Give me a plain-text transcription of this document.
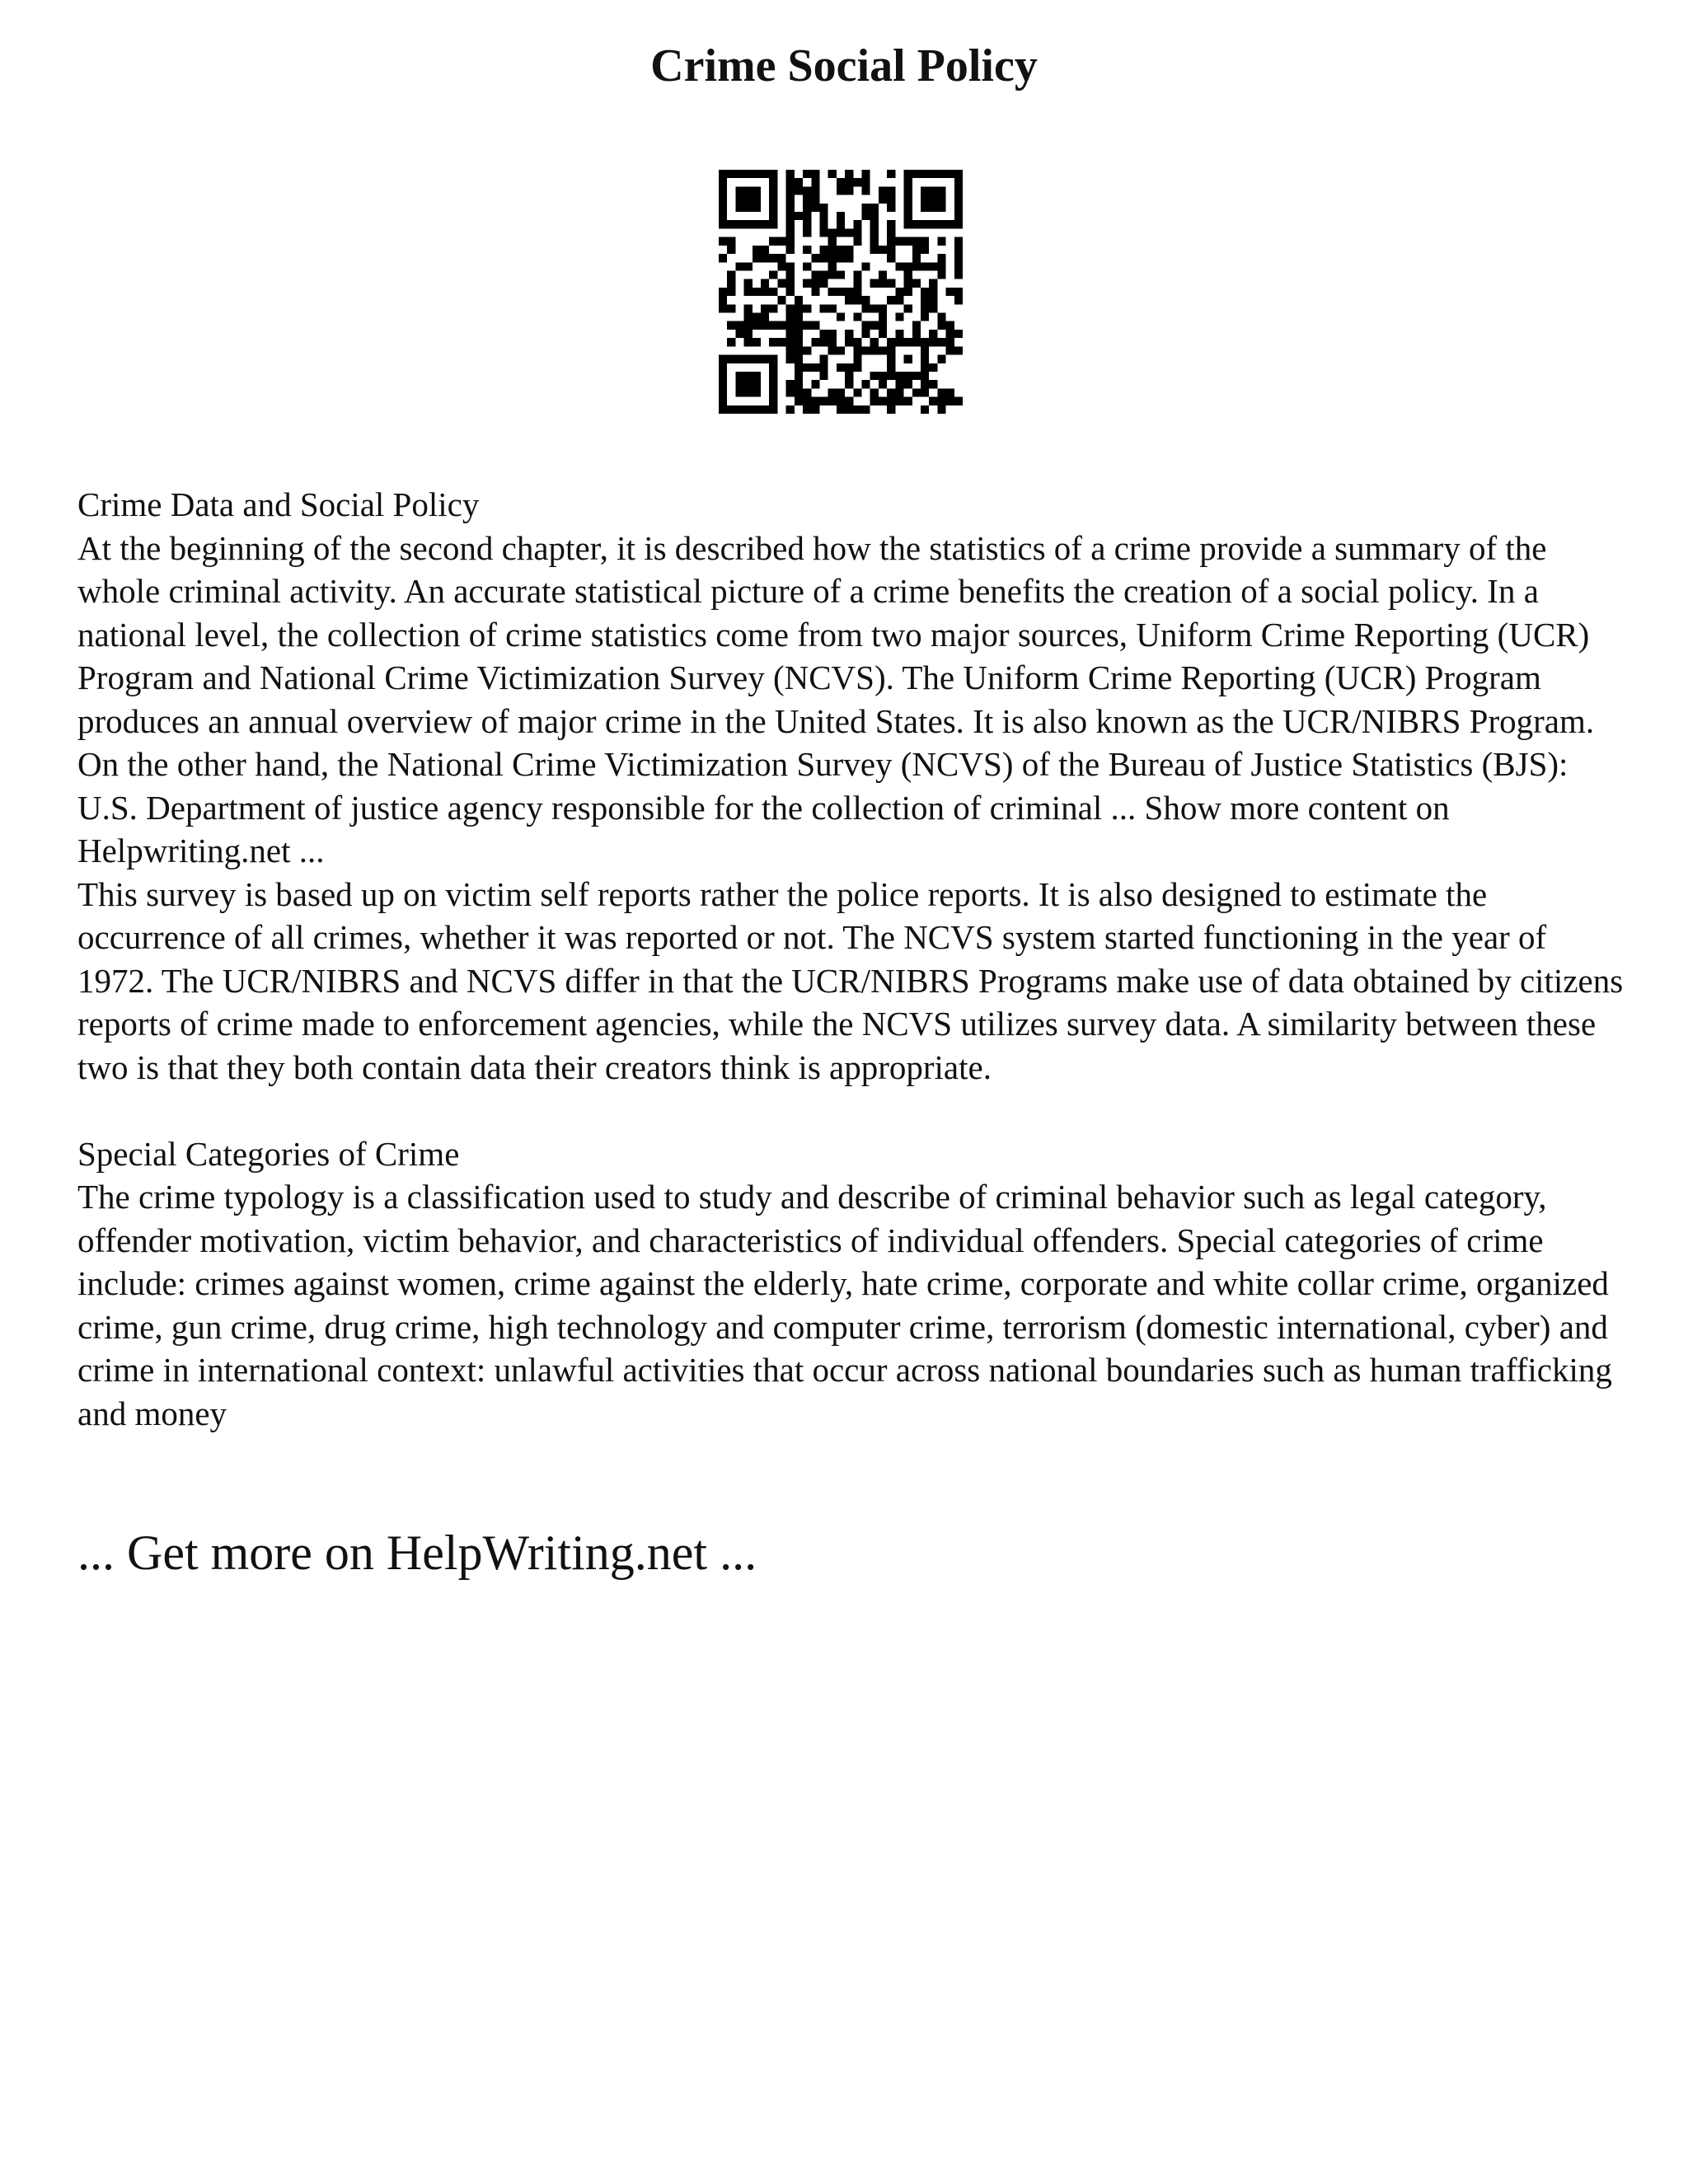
Crime Social Policy

Crime Data and Social Policy

At the beginning of the second chapter, it is described how the statistics of a crime provide a summary of the whole criminal activity. An accurate statistical picture of a crime benefits the creation of a social policy. In a national level, the collection of crime statistics come from two major sources, Uniform Crime Reporting (UCR) Program and National Crime Victimization Survey (NCVS). The Uniform Crime Reporting (UCR) Program produces an annual overview of major crime in the United States. It is also known as the UCR/NIBRS Program. On the other hand, the National Crime Victimization Survey (NCVS) of the Bureau of Justice Statistics (BJS): U.S. Department of justice agency responsible for the collection of criminal ... Show more content on Helpwriting.net ...

This survey is based up on victim self reports rather the police reports. It is also designed to estimate the occurrence of all crimes, whether it was reported or not. The NCVS system started functioning in the year of 1972. The UCR/NIBRS and NCVS differ in that the UCR/NIBRS Programs make use of data obtained by citizens reports of crime made to enforcement agencies, while the NCVS utilizes survey data. A similarity between these two is that they both contain data their creators think is appropriate.

Special Categories of Crime

The crime typology is a classification used to study and describe of criminal behavior such as legal category, offender motivation, victim behavior, and characteristics of individual offenders. Special categories of crime include: crimes against women, crime against the elderly, hate crime, corporate and white collar crime, organized crime, gun crime, drug crime, high technology and computer crime, terrorism (domestic international, cyber) and crime in international context: unlawful activities that occur across national boundaries such as human trafficking and money

... Get more on HelpWriting.net ...
